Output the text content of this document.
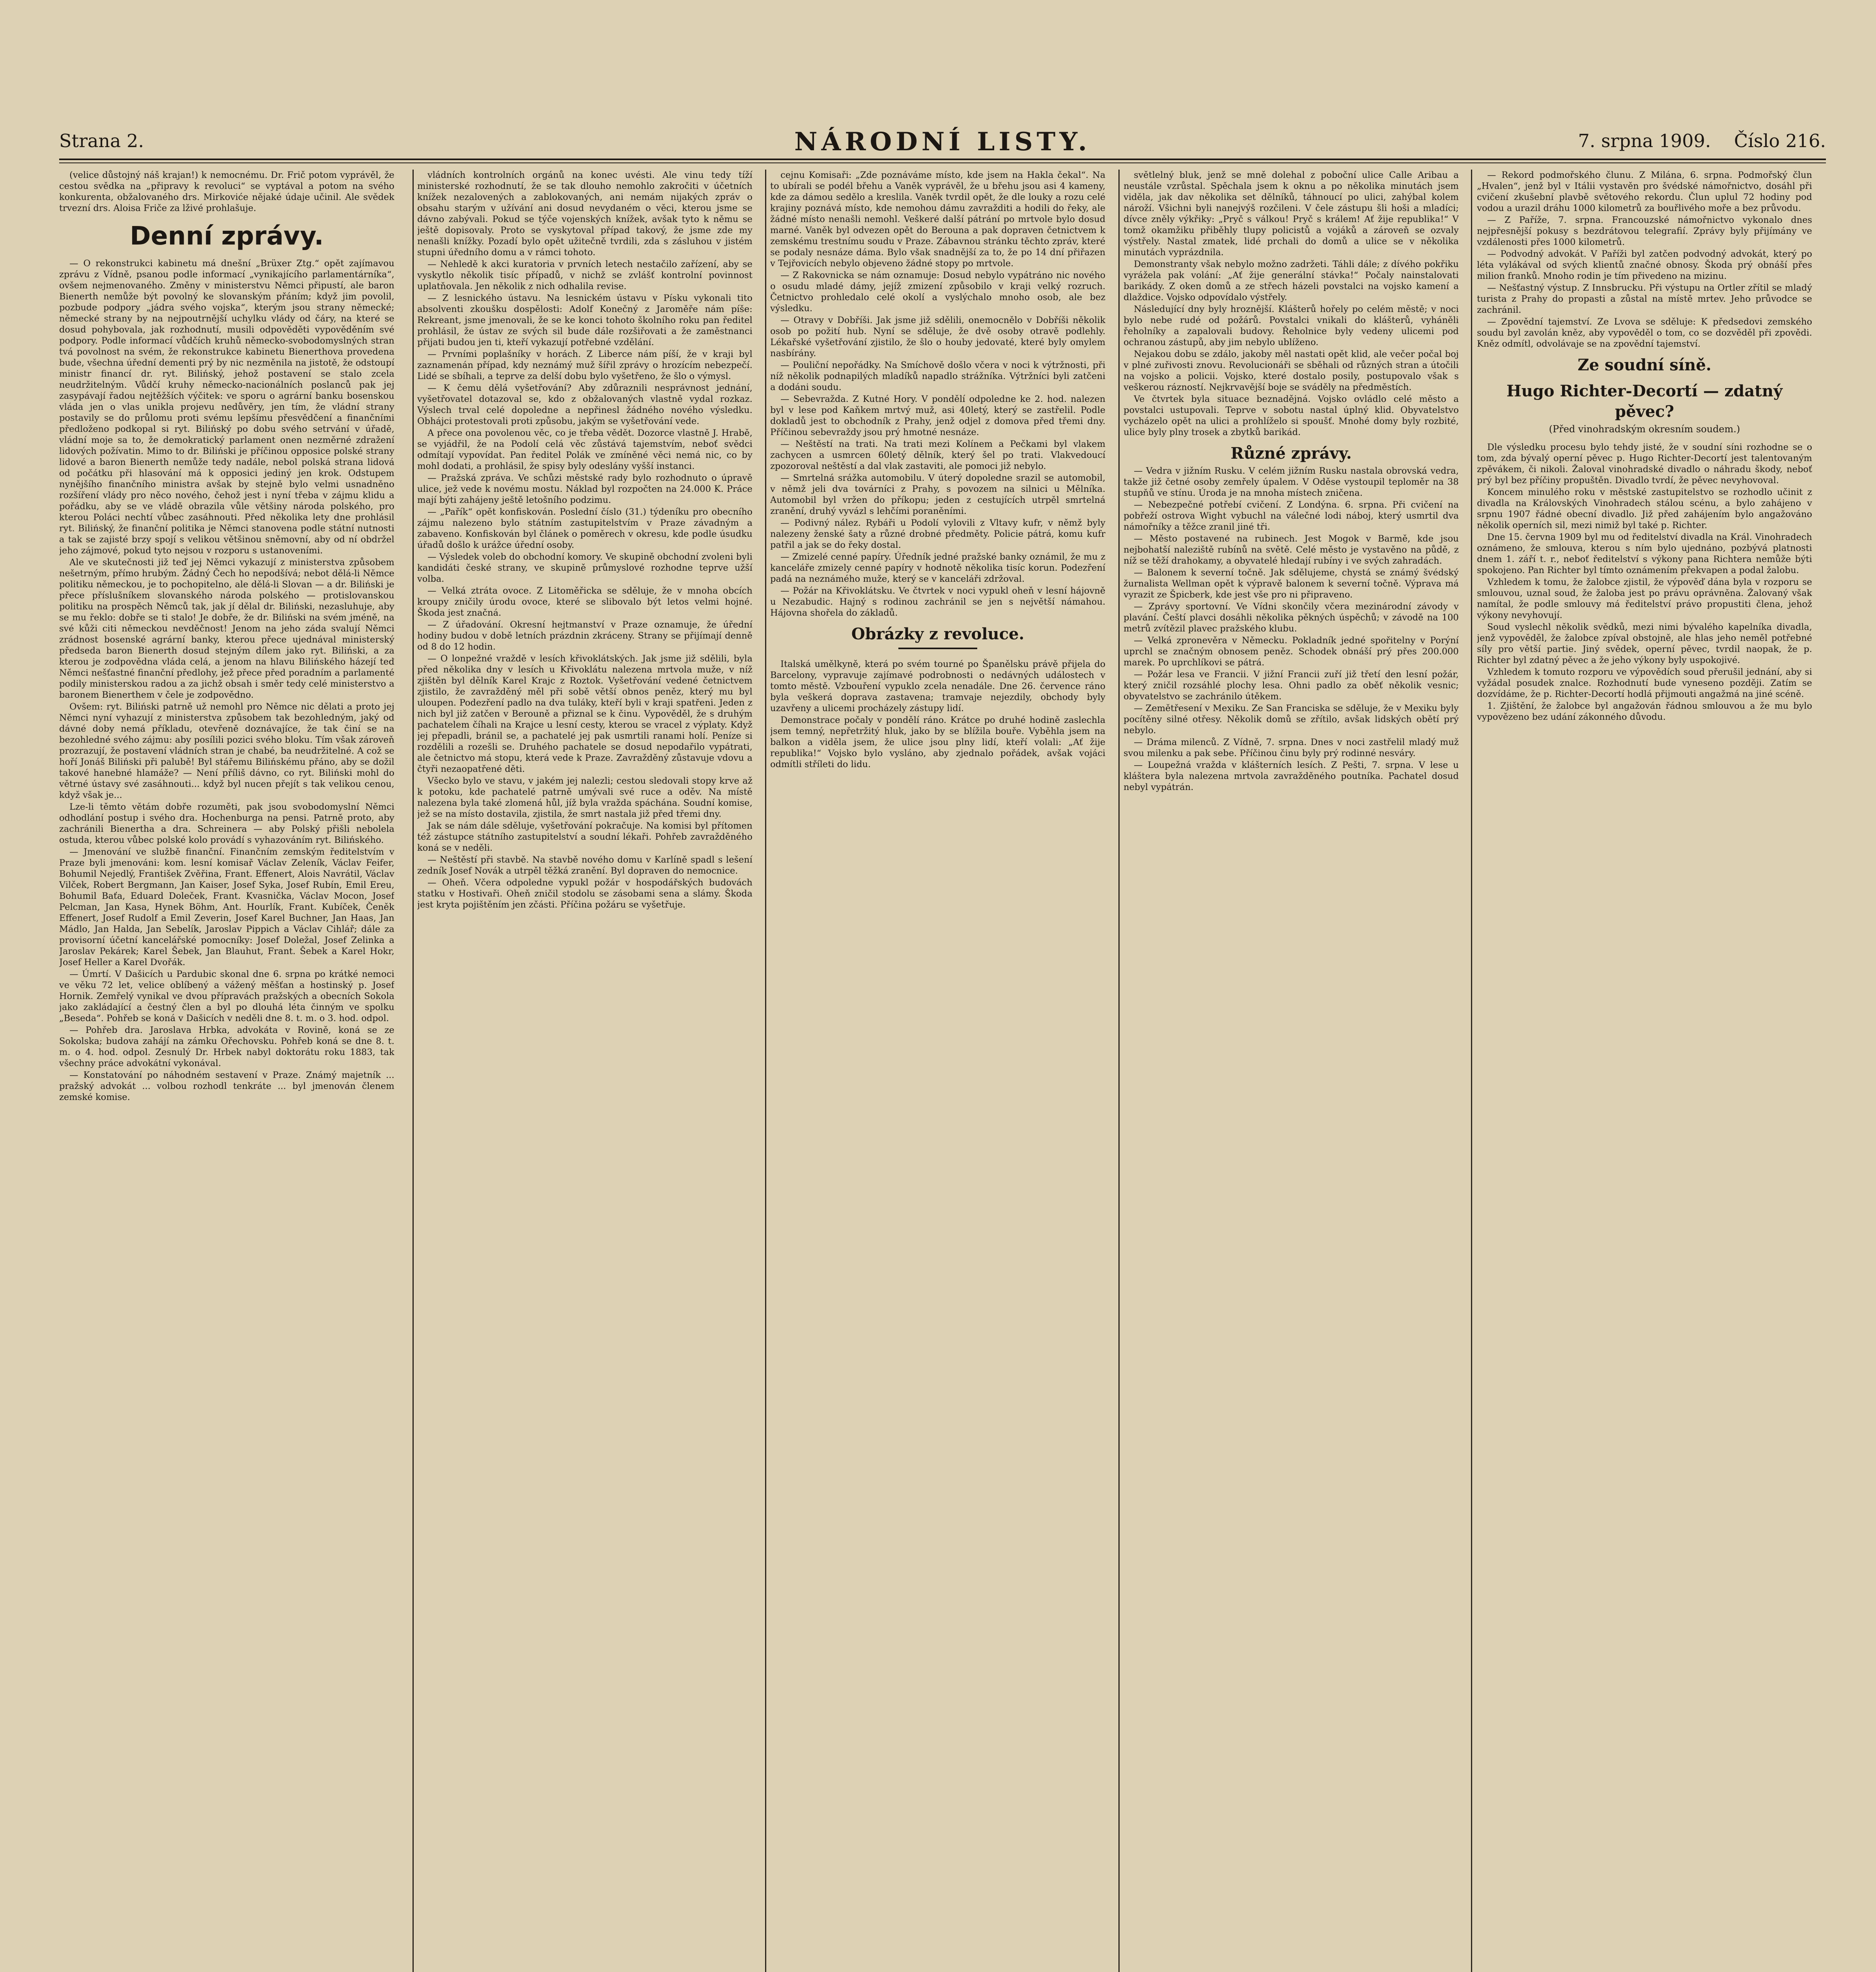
Strana 2.	NÁRODNÍ LISTY.	7. srpna 1909. Číslo 216.

(velice důstojný náš krajan!) k nemocnému. Dr. Frič potom vyprávěl, že cestou svědka na „připravy k revoluci“ se vyptával a potom na svého konkurenta, obžalovaného drs. Mirkoviće nějaké údaje učinil. Ale svědek trvezní drs. Aloisa Friče za lživé prohlašuje.

Denní zprávy.

— O rekonstrukci kabinetu má dnešní „Brüxer Ztg.“ opět zajímavou zprávu z Vídně, psanou podle informací „vynikajícího parlamentárníka“, ovšem nejmenovaného. Změny v ministerstvu Němci připustí, ale baron Bienerth nemůže být povolný ke slovanským přáním; když jim povolil, pozbude podpory „jádra svého vojska“, kterým jsou strany německé; německé strany by na nejpoutrnější uchylku vlády od čáry, na které se dosud pohybovala, jak rozhodnutí, musili odpověděti vypověděním své podpory. Podle informací vůdčích kruhů německo-svobodomyslných stran tvá povolnost na svém, že rekonstrukce kabinetu Bienerthova provedena bude, všechna úřední dementi prý by nic nezměnila na jistotě, že odstoupí ministr financí dr. ryt. Bilińský, jehož postavení se stalo zcela neudržitelným. Vůdčí kruhy německo-nacionálních poslanců pak jej zasypávají řadou nejtěžších výčitek: ve sporu o agrární banku bosenskou vláda jen o vlas unikla projevu nedůvěry, jen tím, že vládní strany postavily se do průlomu proti svému lepšímu přesvědčení a finančními předloženo podkopal si ryt. Bilińský po dobu svého setrvání v úřadě, vládní moje sa to, že demokratický parlament onen nezměrné zdražení lidových požívatin. Mimo to dr. Biliński je příčinou opposice polské strany lidové a baron Bienerth nemůže tedy nadále, nebol polská strana lidová od počátku při hlasování má k opposici jediný jen krok. Odstupem nynějšího finančního ministra avšak by stejně bylo velmi usnadněno rozšíření vlády pro něco nového, čehož jest i nyní třeba v zájmu klidu a pořádku, aby se ve vládě obrazila vůle většiny národa polského, pro kterou Poláci nechtí vůbec zasáhnouti. Před několika lety dne prohlásil ryt. Bilińský, že finanční politika je Němci stanovena podle státní nutnosti a tak se zajisté brzy spojí s velikou většinou sněmovní, aby od ní obdržel jeho zájmové, pokud tyto nejsou v rozporu s ustanoveními.

Ale ve skutečnosti již teď jej Němci vykazují z ministerstva způsobem nešetrným, přímo hrubým. Žádný Čech ho nepodšívá; nebot dělá-li Němce politiku německou, je to pochopitelno, ale dělá-li Slovan — a dr. Biliński je přece příslušníkem slovanského národa polského — protislovanskou politiku na prospěch Němců tak, jak jí dělal dr. Biliński, nezasluhuje, aby se mu řeklo: dobře se ti stalo! Je dobře, že dr. Biliński na svém jméně, na své kůži citi německou nevděčnost! Jenom na jeho záda svalují Němci zrádnost bosenské agrární banky, kterou přece ujednával ministerský předseda baron Bienerth dosud stejným dílem jako ryt. Biliński, a za kterou je zodpovědna vláda celá, a jenom na hlavu Bilińského házejí teď Němci nešťastné finanční předlohy, jež přece před poradním a parlamenté podily ministerskou radou a za jichž obsah i směr tedy celé ministerstvo a baronem Bienerthem v čele je zodpovědno.

Ovšem: ryt. Biliński patrně už nemohl pro Němce nic dělati a proto jej Němci nyní vyhazují z ministerstva způsobem tak bezohledným, jaký od dávné doby nemá příkladu, otevřeně doznávajíce, že tak činí se na bezohledné svého zájmu: aby posílili pozici svého bloku. Tím však zároveň prozrazují, že postavení vládních stran je chabé, ba neudržitelné. A což se hoří Jonáš Biliński při palubě! Byl stářemu Bilińskému přáno, aby se dožil takové hanebné hlamáže? — Není příliš dávno, co ryt. Biliński mohl do větrné ústavy své zasáhnouti... když byl nucen přejít s tak velikou cenou, když však je...

Lze-li těmto větám dobře rozuměti, pak jsou svobodomyslní Němci odhodlání postup i svého dra. Hochenburga na pensi. Patrně proto, aby zachránili Bienertha a dra. Schreinera — aby Polský přišli nebolela ostuda, kterou vůbec polské kolo provádí s vyhazováním ryt. Bilińského.

— Jmenování ve službě finanční. Finančním zemským ředitelstvím v Praze byli jmenováni: kom. lesní komisař Václav Zeleník, Václav Feifer, Bohumil Nejedlý, František Zvěřina, Frant. Effenert, Alois Navrátil, Václav Vilček, Robert Bergmann, Jan Kaiser, Josef Syka, Josef Rubín, Emil Ereu, Bohumil Baťa, Eduard Doleček, Frant. Kvasnička, Václav Mocon, Josef Pelcman, Jan Kasa, Hynek Böhm, Ant. Hourlík, Frant. Kubíček, Čeněk Effenert, Josef Rudolf a Emil Zeverin, Josef Karel Buchner, Jan Haas, Jan Mádlo, Jan Halda, Jan Sebelík, Jaroslav Pippich a Václav Cihlář; dále za provisorní účetní kancelářské pomocníky: Josef Doležal, Josef Zelinka a Jaroslav Pekárek; Karel Šebek, Jan Blauhut, Frant. Šebek a Karel Hokr, Josef Heller a Karel Dvořák.

— Úmrtí. V Dašicích u Pardubic skonal dne 6. srpna po krátké nemoci ve věku 72 let, velice oblíbený a vážený měšťan a hostinský p. Josef Hornik. Zemřelý vynikal ve dvou přípravách pražských a obecních Sokola jako zakládající a čestný člen a byl po dlouhá léta činným ve spolku „Beseda“. Pohřeb se koná v Dašicích v neděli dne 8. t. m. o 3. hod. odpol.

— Pohřeb dra. Jaroslava Hrbka, advokáta v Rovině, koná se ze Sokolska; budova zahájí na zámku Ořechovsku. Pohřeb koná se dne 8. t. m. o 4. hod. odpol. Zesnulý Dr. Hrbek nabyl doktorátu roku 1883, tak všechny práce advokátní vykonával.

— Konstatování po náhodném sestavení v Praze. Známý majetník ... pražský advokát ... volbou rozhodl tenkráte ... byl jmenován členem zemské komise.

vládních kontrolních orgánů na konec uvésti. Ale vinu tedy tíží ministerské rozhodnutí, že se tak dlouho nemohlo zakročiti v účetních knížek nezalovených a zablokovaných, ani nemám nijakých zpráv o obsahu starým v užívání ani dosud nevydaném o věci, kterou jsme se dávno zabývali. Pokud se týče vojenských knížek, avšak tyto k němu se ještě dopisovaly. Proto se vyskytoval případ takový, že jsme zde my nenašli knížky. Pozadí bylo opět užitečně tvrdili, zda s zásluhou v jistém stupni úředního domu a v rámci tohoto.

— Nehledě k akci kuratoria v prvních letech nestačilo zařízení, aby se vyskytlo několik tisíc případů, v nichž se zvlášť kontrolní povinnost uplatňovala. Jen několik z nich odhalila revise.

— Z lesnického ústavu. Na lesnickém ústavu v Písku vykonali tito absolventi zkoušku dospělosti: Adolf Konečný z Jaroměře nám píše: Rekreant, jsme jmenovali, že se ke konci tohoto školního roku pan ředitel prohlásil, že ústav ze svých sil bude dále rozšiřovati a že zaměstnanci přijati budou jen ti, kteří vykazují potřebné vzdělání.

— Prvními poplašníky v horách. Z Liberce nám píší, že v kraji byl zaznamenán případ, kdy neznámý muž šířil zprávy o hrozícím nebezpečí. Lidé se sbíhali, a teprve za delší dobu bylo vyšetřeno, že šlo o výmysl.

— K čemu dělá vyšetřování? Aby zdůraznili nesprávnost jednání, vyšetřovatel dotazoval se, kdo z obžalovaných vlastně vydal rozkaz. Výslech trval celé dopoledne a nepřinesl žádného nového výsledku. Obhájci protestovali proti způsobu, jakým se vyšetřování vede.

A přece ona povolenou věc, co je třeba vědět. Dozorce vlastně J. Hrabě, se vyjádřil, že na Podolí celá věc zůstává tajemstvím, neboť svědci odmítají vypovídat. Pan ředitel Polák ve zmíněné věci nemá nic, co by mohl dodati, a prohlásil, že spisy byly odeslány vyšší instanci.

— Pražská zpráva. Ve schůzi městské rady bylo rozhodnuto o úpravě ulice, jež vede k novému mostu. Náklad byl rozpočten na 24.000 K. Práce mají býti zahájeny ještě letošního podzimu.

— „Pařík“ opět konfiskován. Poslední číslo (31.) týdeníku pro obecního zájmu nalezeno bylo státním zastupitelstvím v Praze závadným a zabaveno. Konfiskován byl článek o poměrech v okresu, kde podle úsudku úřadů došlo k urážce úřední osoby.

— Výsledek voleb do obchodní komory. Ve skupině obchodní zvoleni byli kandidáti české strany, ve skupině průmyslové rozhodne teprve užší volba.

— Velká ztráta ovoce. Z Litoměřicka se sděluje, že v mnoha obcích kroupy zničily úrodu ovoce, které se slibovalo být letos velmi hojné. Škoda jest značná.

— Z úřadování. Okresní hejtmanství v Praze oznamuje, že úřední hodiny budou v době letních prázdnin zkráceny. Strany se přijímají denně od 8 do 12 hodin.

— O lonpežné vraždě v lesích křivoklátských. Jak jsme již sdělili, byla před několika dny v lesích u Křivoklátu nalezena mrtvola muže, v níž zjištěn byl dělník Karel Krajc z Roztok. Vyšetřování vedené četnictvem zjistilo, že zavražděný měl při sobě větší obnos peněz, který mu byl uloupen. Podezření padlo na dva tuláky, kteří byli v kraji spatřeni. Jeden z nich byl již zatčen v Berouně a přiznal se k činu. Vypověděl, že s druhým pachatelem číhali na Krajce u lesní cesty, kterou se vracel z výplaty. Když jej přepadli, bránil se, a pachatelé jej pak usmrtili ranami holí. Peníze si rozdělili a rozešli se. Druhého pachatele se dosud nepodařilo vypátrati, ale četnictvo má stopu, která vede k Praze. Zavražděný zůstavuje vdovu a čtyři nezaopatřené děti.

Všecko bylo ve stavu, v jakém jej nalezli; cestou sledovali stopy krve až k potoku, kde pachatelé patrně umývali své ruce a oděv. Na místě nalezena byla také zlomená hůl, jíž byla vražda spáchána. Soudní komise, jež se na místo dostavila, zjistila, že smrt nastala již před třemi dny.

Jak se nám dále sděluje, vyšetřování pokračuje. Na komisi byl přítomen též zástupce státního zastupitelství a soudní lékaři. Pohřeb zavražděného koná se v neděli.

— Neštěstí při stavbě. Na stavbě nového domu v Karlíně spadl s lešení zedník Josef Novák a utrpěl těžká zranění. Byl dopraven do nemocnice.

— Oheň. Včera odpoledne vypukl požár v hospodářských budovách statku v Hostivaři. Oheň zničil stodolu se zásobami sena a slámy. Škoda jest kryta pojištěním jen zčásti. Příčina požáru se vyšetřuje.

cejnu Komisaři: „Zde poznáváme místo, kde jsem na Hakla čekal“. Na to ubírali se podél břehu a Vaněk vyprávěl, že u břehu jsou asi 4 kameny, kde za dámou sedělo a kreslila. Vaněk tvrdil opět, že dle louky a rozu celé krajiny poznává místo, kde nemohou dámu zavražditi a hodili do řeky, ale žádné místo nenašli nemohl. Veškeré další pátrání po mrtvole bylo dosud marné. Vaněk byl odvezen opět do Berouna a pak dopraven četnictvem k zemskému trestnímu soudu v Praze. Zábavnou stránku těchto zpráv, které se podaly nesnáze dáma. Bylo však snadnější za to, že po 14 dní přiřazen v Tejřovicích nebylo objeveno žádné stopy po mrtvole.

— Z Rakovnicka se nám oznamuje: Dosud nebylo vypátráno nic nového o osudu mladé dámy, jejíž zmizení způsobilo v kraji velký rozruch. Četnictvo prohledalo celé okolí a vyslýchalo mnoho osob, ale bez výsledku.

— Otravy v Dobříši. Jak jsme již sdělili, onemocnělo v Dobříši několik osob po požití hub. Nyní se sděluje, že dvě osoby otravě podlehly. Lékařské vyšetřování zjistilo, že šlo o houby jedovaté, které byly omylem nasbírány.

— Pouliční nepořádky. Na Smíchově došlo včera v noci k výtržnosti, při níž několik podnapilých mladíků napadlo strážníka. Výtržníci byli zatčeni a dodáni soudu.

— Sebevražda. Z Kutné Hory. V pondělí odpoledne ke 2. hod. nalezen byl v lese pod Kaňkem mrtvý muž, asi 40letý, který se zastřelil. Podle dokladů jest to obchodník z Prahy, jenž odjel z domova před třemi dny. Příčinou sebevraždy jsou prý hmotné nesnáze.

— Neštěstí na trati. Na trati mezi Kolínem a Pečkami byl vlakem zachycen a usmrcen 60letý dělník, který šel po trati. Vlakvedoucí zpozoroval neštěstí a dal vlak zastaviti, ale pomoci již nebylo.

— Smrtelná srážka automobilu. V úterý dopoledne srazil se automobil, v němž jeli dva továrníci z Prahy, s povozem na silnici u Mělníka. Automobil byl vržen do příkopu; jeden z cestujících utrpěl smrtelná zranění, druhý vyvázl s lehčími poraněními.

— Podivný nález. Rybáři u Podolí vylovili z Vltavy kufr, v němž byly nalezeny ženské šaty a různé drobné předměty. Policie pátrá, komu kufr patřil a jak se do řeky dostal.

— Zmizelé cenné papíry. Úředník jedné pražské banky oznámil, že mu z kanceláře zmizely cenné papíry v hodnotě několika tisíc korun. Podezření padá na neznámého muže, který se v kanceláři zdržoval.

— Požár na Křivoklátsku. Ve čtvrtek v noci vypukl oheň v lesní hájovně u Nezabudic. Hajný s rodinou zachránil se jen s největší námahou. Hájovna shořela do základů.

Obrázky z revoluce.

Italská umělkyně, která po svém tourné po Španělsku právě přijela do Barcelony, vypravuje zajímavé podrobnosti o nedávných událostech v tomto městě. Vzbouření vypuklo zcela nenadále. Dne 26. července ráno byla veškerá doprava zastavena; tramvaje nejezdily, obchody byly uzavřeny a ulicemi procházely zástupy lidí.

Demonstrace počaly v pondělí ráno. Krátce po druhé hodině zaslechla jsem temný, nepřetržitý hluk, jako by se blížila bouře. Vyběhla jsem na balkon a viděla jsem, že ulice jsou plny lidí, kteří volali: „Ať žije republika!“ Vojsko bylo vysláno, aby zjednalo pořádek, avšak vojáci odmítli stříleti do lidu.

světlelný bluk, jenž se mně dolehal z poboční ulice Calle Aribau a neustále vzrůstal. Spěchala jsem k oknu a po několika minutách jsem viděla, jak dav několika set dělníků, táhnoucí po ulici, zahýbal kolem nároží. Všichni byli nanejvýš rozčileni. V čele zástupu šli hoši a mladíci; dívce zněly výkřiky: „Pryč s válkou! Pryč s králem! Ať žije republika!“ V tomž okamžiku přiběhly tlupy policistů a vojáků a zároveň se ozvaly výstřely. Nastal zmatek, lidé prchali do domů a ulice se v několika minutách vyprázdnila.

Demonstranty však nebylo možno zadržeti. Táhli dále; z dívého pokřiku vyrážela pak volání: „Ať žije generální stávka!“ Počaly nainstalovati barikády. Z oken domů a ze střech házeli povstalci na vojsko kamení a dlaždice. Vojsko odpovídalo výstřely.

Následující dny byly hroznější. Klášterů hořely po celém městě; v noci bylo nebe rudé od požárů. Povstalci vnikali do klášterů, vyháněli řeholníky a zapalovali budovy. Řeholnice byly vedeny ulicemi pod ochranou zástupů, aby jim nebylo ublíženo.

Nejakou dobu se zdálo, jakoby měl nastati opět klid, ale večer počal boj v plné zuřivosti znovu. Revolucionáři se sběhali od různých stran a útočili na vojsko a policii. Vojsko, které dostalo posily, postupovalo však s veškerou rázností. Nejkrvavější boje se sváděly na předměstích.

Ve čtvrtek byla situace beznadějná. Vojsko ovládlo celé město a povstalci ustupovali. Teprve v sobotu nastal úplný klid. Obyvatelstvo vycházelo opět na ulici a prohlíželo si spoušť. Mnohé domy byly rozbité, ulice byly plny trosek a zbytků barikád.

Různé zprávy.

— Vedra v jižním Rusku. V celém jižním Rusku nastala obrovská vedra, takže již četné osoby zemřely úpalem. V Oděse vystoupil teploměr na 38 stupňů ve stínu. Úroda je na mnoha místech zničena.

— Nebezpečné potřebí cvičení. Z Londýna. 6. srpna. Při cvičení na pobřeží ostrova Wight vybuchl na válečné lodi náboj, který usmrtil dva námořníky a těžce zranil jiné tři.

— Město postavené na rubinech. Jest Mogok v Barmě, kde jsou nejbohatší naleziště rubínů na světě. Celé město je vystavěno na půdě, z níž se těží drahokamy, a obyvatelé hledají rubíny i ve svých zahradách.

— Balonem k severní točně. Jak sdělujeme, chystá se známý švédský žurnalista Wellman opět k výpravě balonem k severní točně. Výprava má vyrazit ze Špicberk, kde jest vše pro ni připraveno.

— Zprávy sportovní. Ve Vídni skončily včera mezinárodní závody v plavání. Čeští plavci dosáhli několika pěkných úspěchů; v závodě na 100 metrů zvítězil plavec pražského klubu.

— Velká zpronevěra v Německu. Pokladník jedné spořitelny v Porýní uprchl se značným obnosem peněz. Schodek obnáší prý přes 200.000 marek. Po uprchlíkovi se pátrá.

— Požár lesa ve Francii. V jižní Francii zuří již třetí den lesní požár, který zničil rozsáhlé plochy lesa. Ohni padlo za oběť několik vesnic; obyvatelstvo se zachránilo útěkem.

— Zemětřesení v Mexiku. Ze San Franciska se sděluje, že v Mexiku byly pocítěny silné otřesy. Několik domů se zřítilo, avšak lidských obětí prý nebylo.

— Dráma milenců. Z Vídně, 7. srpna. Dnes v noci zastřelil mladý muž svou milenku a pak sebe. Příčinou činu byly prý rodinné nesváry.

— Loupežná vražda v klášterních lesích. Z Pešti, 7. srpna. V lese u kláštera byla nalezena mrtvola zavražděného poutníka. Pachatel dosud nebyl vypátrán.

— Rekord podmořského člunu. Z Milána, 6. srpna. Podmořský člun „Hvalen“, jenž byl v Itálii vystavěn pro švédské námořnictvo, dosáhl při cvičení zkušební plavbě světového rekordu. Člun uplul 72 hodiny pod vodou a urazil dráhu 1000 kilometrů za bouřlivého moře a bez průvodu.

— Z Paříže, 7. srpna. Francouzské námořnictvo vykonalo dnes nejpřesnější pokusy s bezdrátovou telegrafií. Zprávy byly přijímány ve vzdálenosti přes 1000 kilometrů.

— Podvodný advokát. V Paříži byl zatčen podvodný advokát, který po léta vylákával od svých klientů značné obnosy. Škoda prý obnáší přes milion franků. Mnoho rodin je tím přivedeno na mizinu.

— Nešťastný výstup. Z Innsbrucku. Při výstupu na Ortler zřítil se mladý turista z Prahy do propasti a zůstal na místě mrtev. Jeho průvodce se zachránil.

— Zpovědní tajemství. Ze Lvova se sděluje: K předsedovi zemského soudu byl zavolán kněz, aby vypověděl o tom, co se dozvěděl při zpovědi. Kněz odmítl, odvolávaje se na zpovědní tajemství.

Ze soudní síně.
Hugo Richter-Decortí — zdatný pěvec?
(Před vinohradským okresním soudem.)

Dle výsledku procesu bylo tehdy jisté, že v soudní síni rozhodne se o tom, zda bývalý operní pěvec p. Hugo Richter-Decortí jest talentovaným zpěvákem, či nikoli. Žaloval vinohradské divadlo o náhradu škody, neboť prý byl bez příčiny propuštěn. Divadlo tvrdí, že pěvec nevyhovoval.

Koncem minulého roku v městské zastupitelstvo se rozhodlo učinit z divadla na Královských Vinohradech stálou scénu, a bylo zahájeno v srpnu 1907 řádné obecní divadlo. Již před zahájením bylo angažováno několik operních sil, mezi nimiž byl také p. Richter.

Dne 15. června 1909 byl mu od ředitelství divadla na Král. Vinohradech oznámeno, že smlouva, kterou s ním bylo ujednáno, pozbývá platnosti dnem 1. září t. r., neboť ředitelství s výkony pana Richtera nemůže býti spokojeno. Pan Richter byl tímto oznámením překvapen a podal žalobu.

Vzhledem k tomu, že žalobce zjistil, že výpověď dána byla v rozporu se smlouvou, uznal soud, že žaloba jest po právu oprávněna. Žalovaný však namítal, že podle smlouvy má ředitelství právo propustiti člena, jehož výkony nevyhovují.

Soud vyslechl několik svědků, mezi nimi bývalého kapelníka divadla, jenž vypověděl, že žalobce zpíval obstojně, ale hlas jeho neměl potřebné síly pro větší partie. Jiný svědek, operní pěvec, tvrdil naopak, že p. Richter byl zdatný pěvec a že jeho výkony byly uspokojivé.

Vzhledem k tomuto rozporu ve výpovědích soud přerušil jednání, aby si vyžádal posudek znalce. Rozhodnutí bude vyneseno později. Zatím se dozvídáme, že p. Richter-Decortí hodlá přijmouti angažmá na jiné scéně.

1. Zjištění, že žalobce byl angažován řádnou smlouvou a že mu bylo vypovězeno bez udání zákonného důvodu.
